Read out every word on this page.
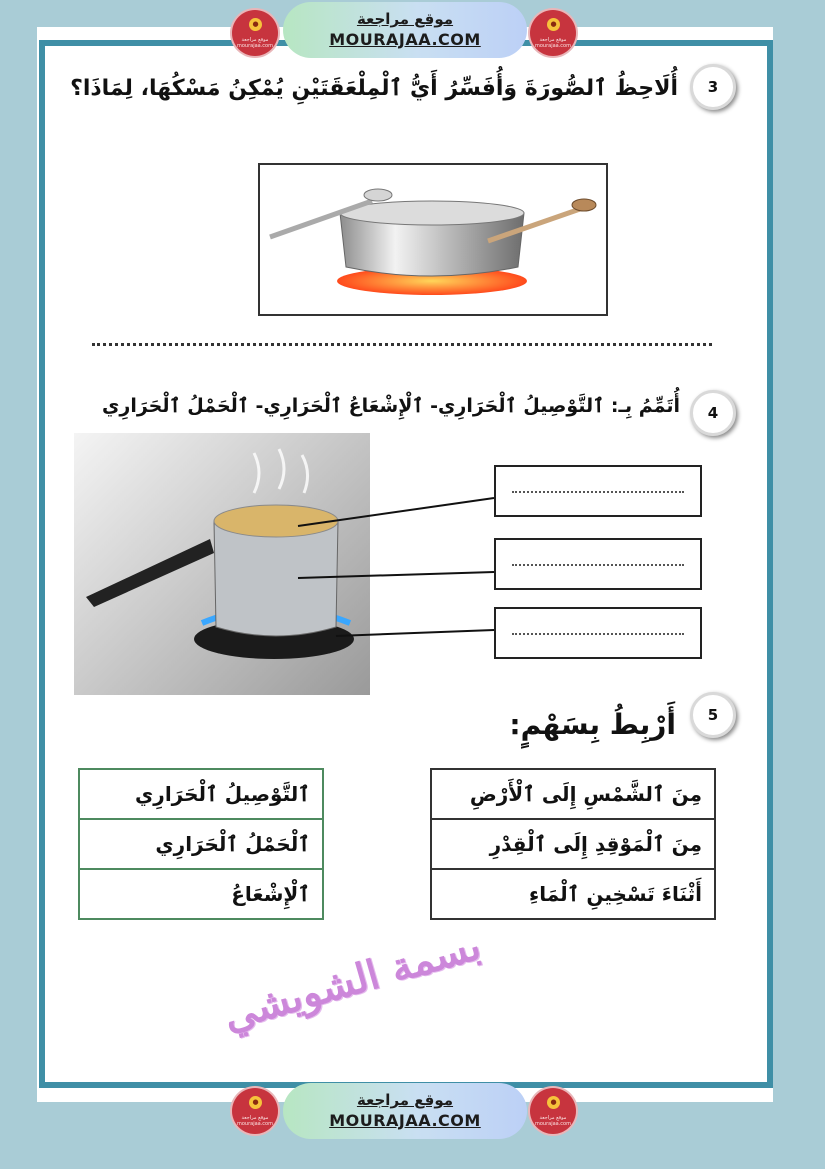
●
موقع مراجعة mourajaa.com
موقع مراجعة
MOURAJAA.COM
●
موقع مراجعة mourajaa.com
3
أُلَاحِظُ ٱلصُّورَةَ وَأُفَسِّرُ أَيُّ ٱلْمِلْعَقَتَيْنِ يُمْكِنُ مَسْكُهَا، لِمَاذَا؟
4
أُتَمِّمُ بِـ: ٱلتَّوْصِيلُ ٱلْحَرَارِي- ٱلْإِشْعَاعُ ٱلْحَرَارِي- ٱلْحَمْلُ ٱلْحَرَارِي
5
أَرْبِطُ بِسَهْمٍ:
ٱلتَّوْصِيلُ ٱلْحَرَارِي
ٱلْحَمْلُ ٱلْحَرَارِي
ٱلْإِشْعَاعُ
مِنَ ٱلشَّمْسِ إِلَى ٱلْأَرْضِ
مِنَ ٱلْمَوْقِدِ إِلَى ٱلْقِدْرِ
أَثْنَاءَ تَسْخِينِ ٱلْمَاءِ
بسمة الشويشي
●
موقع مراجعة mourajaa.com
موقع مراجعة
MOURAJAA.COM
●
موقع مراجعة mourajaa.com
